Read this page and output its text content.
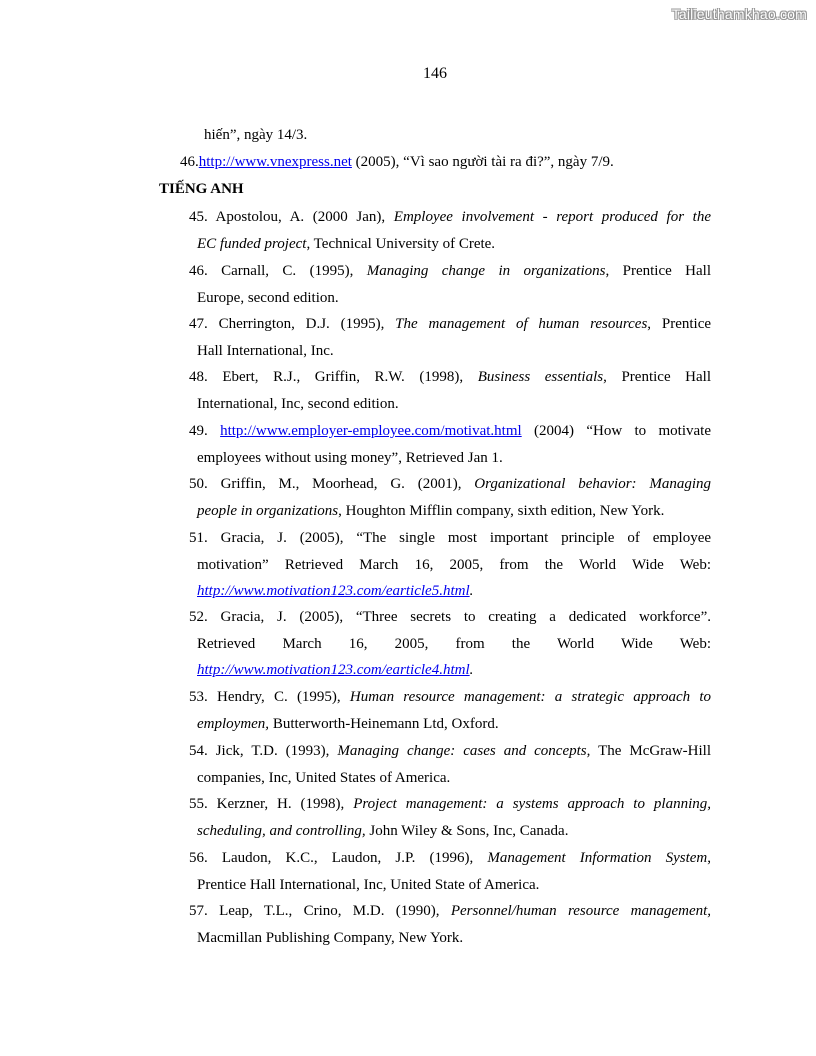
Tailieuthamkhao.com
146
hiến”, ngày 14/3.
46.http://www.vnexpress.net (2005), “Vì sao người tài ra đi?”, ngày 7/9.
TIẾNG ANH
45. Apostolou, A. (2000 Jan), Employee involvement - report produced for the
EC funded project, Technical University of Crete.
46. Carnall, C. (1995), Managing change in organizations, Prentice Hall
Europe, second edition.
47. Cherrington, D.J. (1995), The management of human resources, Prentice
Hall International, Inc.
48. Ebert, R.J., Griffin, R.W. (1998), Business essentials, Prentice Hall
International, Inc, second edition.
49. http://www.employer-employee.com/motivat.html (2004) “How to motivate
employees without using money”, Retrieved Jan 1.
50. Griffin, M., Moorhead, G. (2001), Organizational behavior: Managing
people in organizations, Houghton Mifflin company, sixth edition, New York.
51. Gracia, J. (2005), “The single most important principle of employee
motivation” Retrieved March 16, 2005, from the World Wide Web:
http://www.motivation123.com/earticle5.html.
52. Gracia, J. (2005), “Three secrets to creating a dedicated workforce”.
Retrieved March 16, 2005, from the World Wide Web:
http://www.motivation123.com/earticle4.html.
53. Hendry, C. (1995), Human resource management: a strategic approach to
employmen, Butterworth-Heinemann Ltd, Oxford.
54. Jick, T.D. (1993), Managing change: cases and concepts, The McGraw-Hill
companies, Inc, United States of America.
55. Kerzner, H. (1998), Project management: a systems approach to planning,
scheduling, and controlling, John Wiley & Sons, Inc, Canada.
56. Laudon, K.C., Laudon, J.P. (1996), Management Information System,
Prentice Hall International, Inc, United State of America.
57. Leap, T.L., Crino, M.D. (1990), Personnel/human resource management,
Macmillan Publishing Company, New York.
